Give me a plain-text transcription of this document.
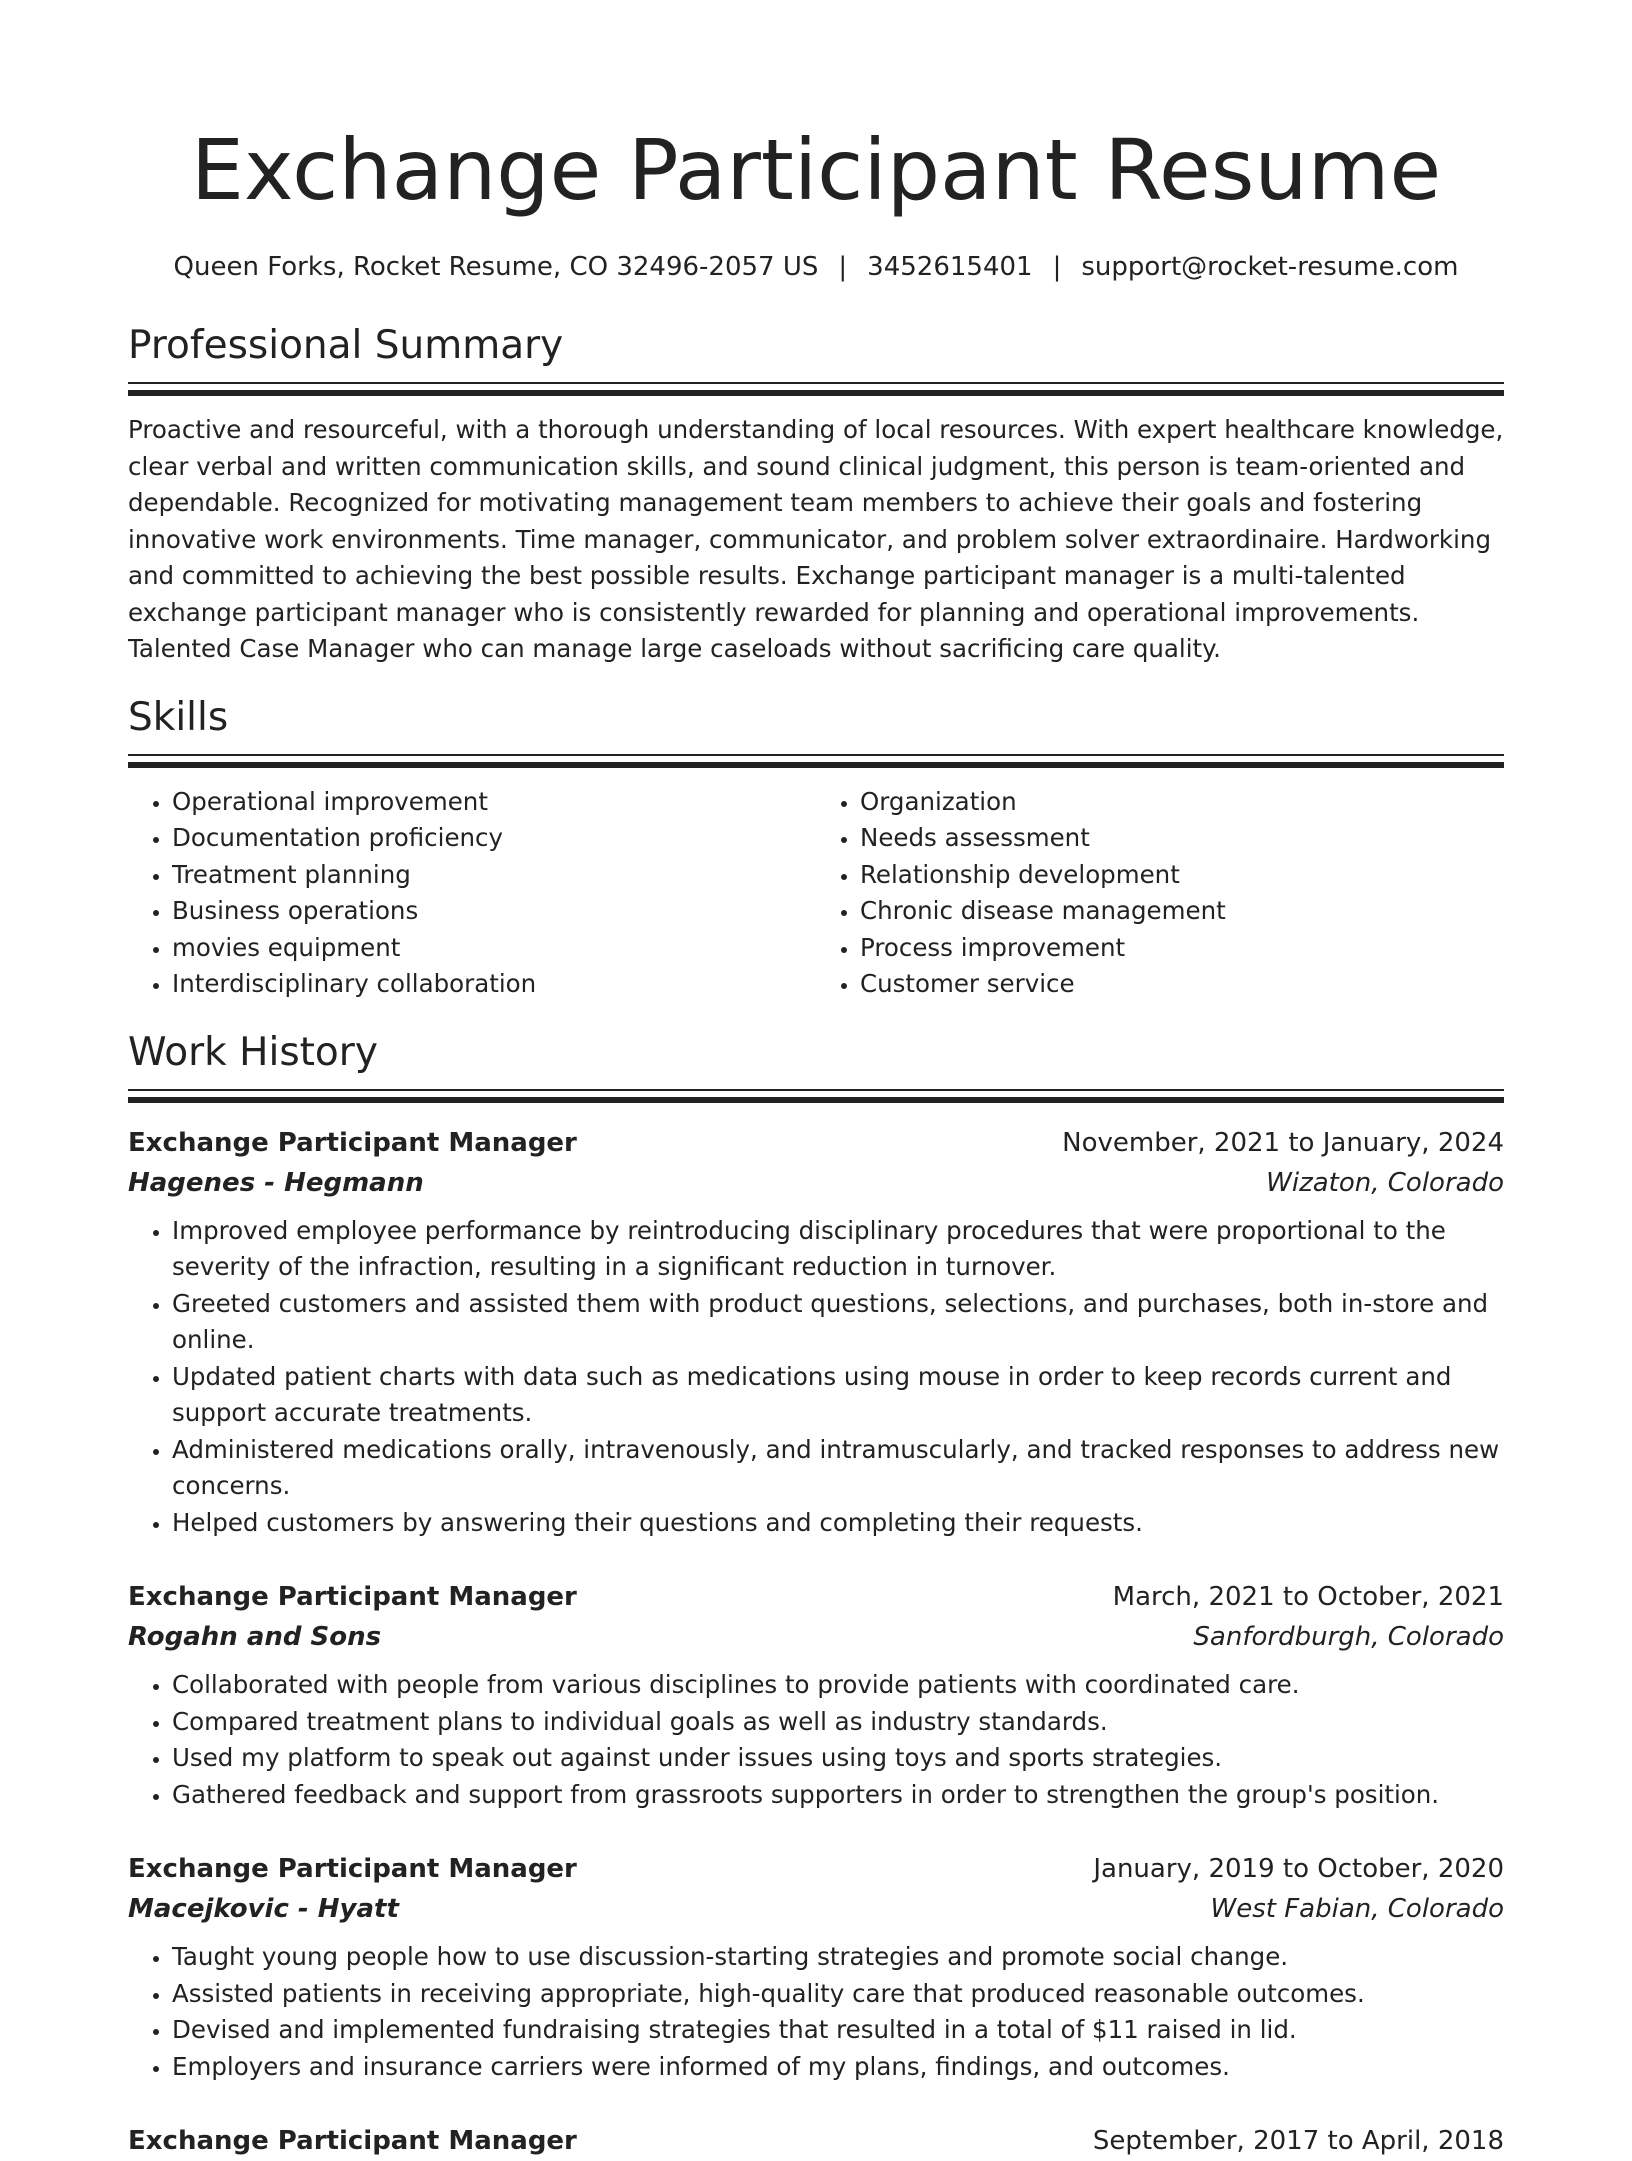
Exchange Participant Resume
Queen Forks, Rocket Resume, CO 32496-2057 US | 3452615401 | support@rocket-resume.com
Professional Summary

Proactive and resourceful, with a thorough understanding of local resources. With expert healthcare knowledge, clear verbal and written communication skills, and sound clinical judgment, this person is team-oriented and dependable. Recognized for motivating management team members to achieve their goals and fostering innovative work environments. Time manager, communicator, and problem solver extraordinaire. Hardworking and committed to achieving the best possible results. Exchange participant manager is a multi-talented exchange participant manager who is consistently rewarded for planning and operational improvements. Talented Case Manager who can manage large caseloads without sacrificing care quality.

Skills
• Operational improvement
• Documentation proficiency
• Treatment planning
• Business operations
• movies equipment
• Interdisciplinary collaboration
• Organization
• Needs assessment
• Relationship development
• Chronic disease management
• Process improvement
• Customer service
Work History
Exchange Participant Manager	November, 2021 to January, 2024
Hagenes - Hegmann	Wizaton, Colorado
• Improved employee performance by reintroducing disciplinary procedures that were proportional to the severity of the infraction, resulting in a significant reduction in turnover.
• Greeted customers and assisted them with product questions, selections, and purchases, both in-store and online.
• Updated patient charts with data such as medications using mouse in order to keep records current and support accurate treatments.
• Administered medications orally, intravenously, and intramuscularly, and tracked responses to address new concerns.
• Helped customers by answering their questions and completing their requests.
Exchange Participant Manager	March, 2021 to October, 2021
Rogahn and Sons	Sanfordburgh, Colorado
• Collaborated with people from various disciplines to provide patients with coordinated care.
• Compared treatment plans to individual goals as well as industry standards.
• Used my platform to speak out against under issues using toys and sports strategies.
• Gathered feedback and support from grassroots supporters in order to strengthen the group's position.
Exchange Participant Manager	January, 2019 to October, 2020
Macejkovic - Hyatt	West Fabian, Colorado
• Taught young people how to use discussion-starting strategies and promote social change.
• Assisted patients in receiving appropriate, high-quality care that produced reasonable outcomes.
• Devised and implemented fundraising strategies that resulted in a total of $11 raised in lid.
• Employers and insurance carriers were informed of my plans, findings, and outcomes.
Exchange Participant Manager	September, 2017 to April, 2018
